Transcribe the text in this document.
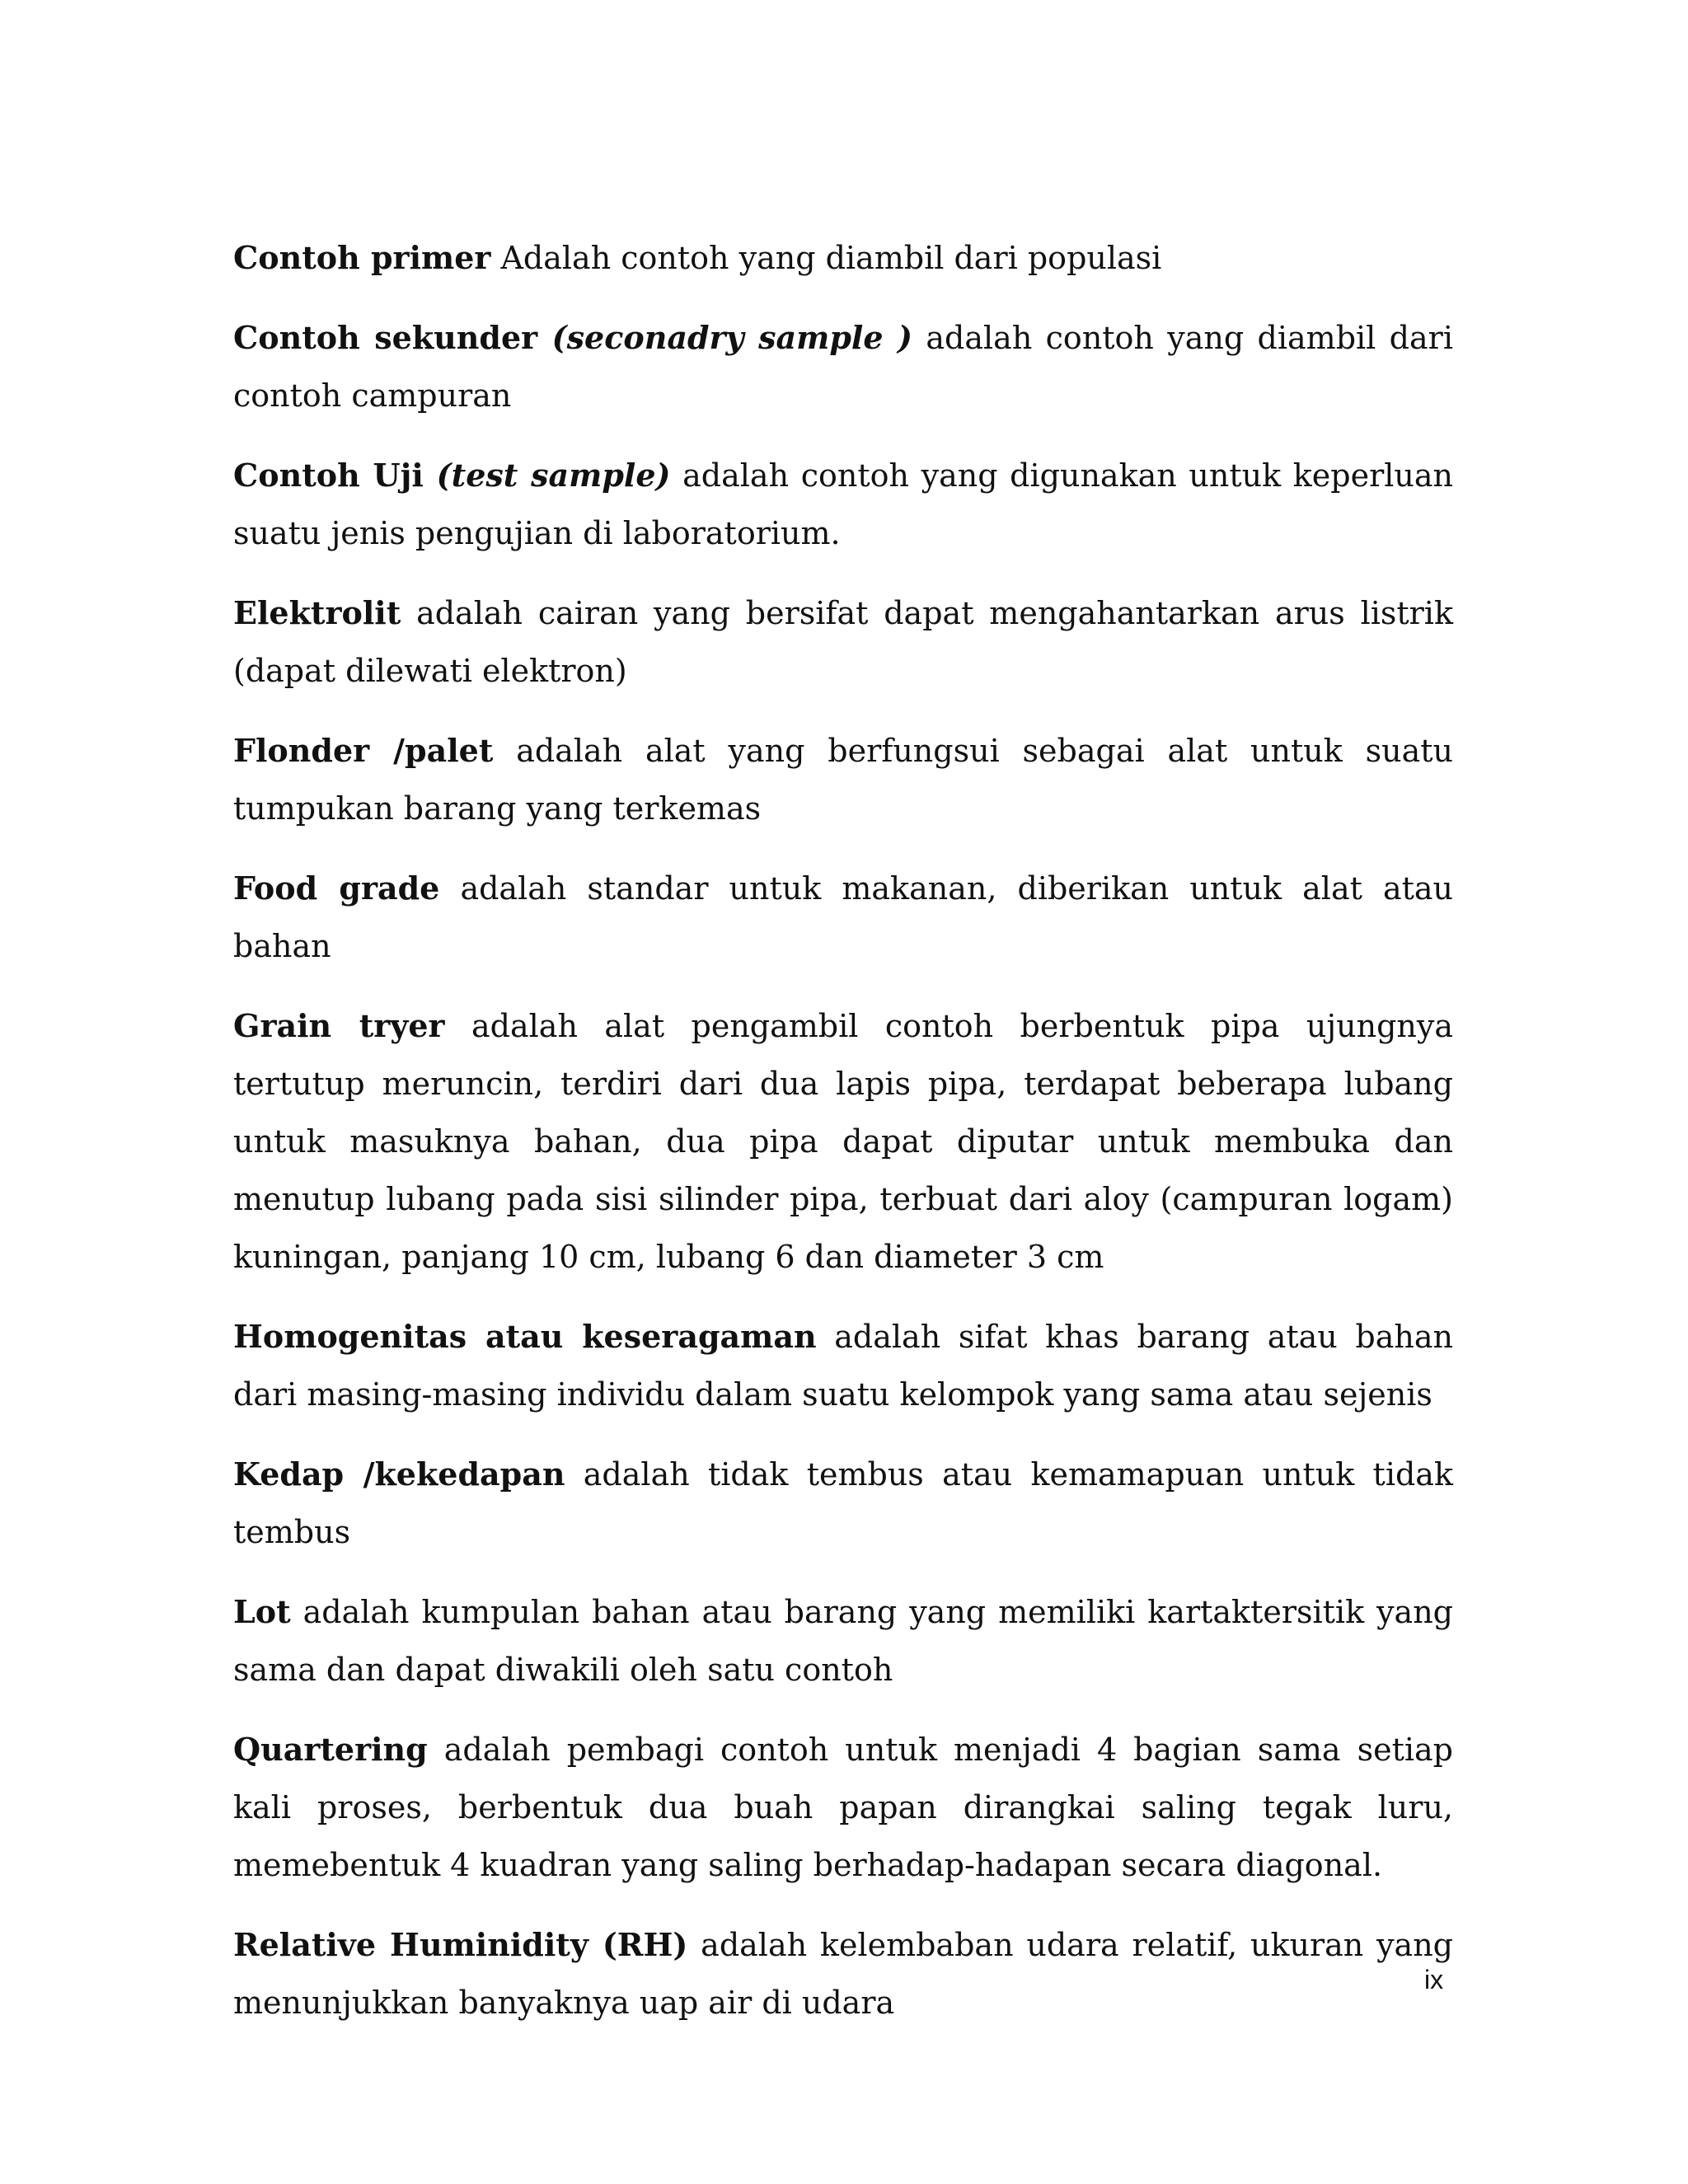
Contoh primer Adalah contoh yang diambil dari populasi

Contoh sekunder (seconadry sample ) adalah contoh yang diambil dari contoh campuran

Contoh Uji (test sample) adalah contoh yang digunakan untuk keperluan suatu jenis pengujian di laboratorium.

Elektrolit adalah cairan yang bersifat dapat mengahantarkan arus listrik (dapat dilewati elektron)

Flonder /palet adalah alat yang berfungsui sebagai alat untuk suatu tumpukan barang yang terkemas

Food grade adalah standar untuk makanan, diberikan untuk alat atau bahan

Grain tryer adalah alat pengambil contoh berbentuk pipa ujungnya tertutup meruncin, terdiri dari dua lapis pipa, terdapat beberapa lubang untuk masuknya bahan, dua pipa dapat diputar untuk membuka dan menutup lubang pada sisi silinder pipa, terbuat dari aloy (campuran logam) kuningan, panjang 10 cm, lubang 6 dan diameter 3 cm

Homogenitas atau keseragaman adalah sifat khas barang atau bahan dari masing-masing individu dalam suatu kelompok yang sama atau sejenis

Kedap /kekedapan adalah tidak tembus atau kemamapuan untuk tidak tembus

Lot adalah kumpulan bahan atau barang yang memiliki kartaktersitik yang sama dan dapat diwakili oleh satu contoh

Quartering adalah pembagi contoh untuk menjadi 4 bagian sama setiap kali proses, berbentuk dua buah papan dirangkai saling tegak luru, memebentuk 4 kuadran yang saling berhadap-hadapan secara diagonal.

Relative Huminidity (RH) adalah kelembaban udara relatif, ukuran yang menunjukkan banyaknya uap air di udara

ix
